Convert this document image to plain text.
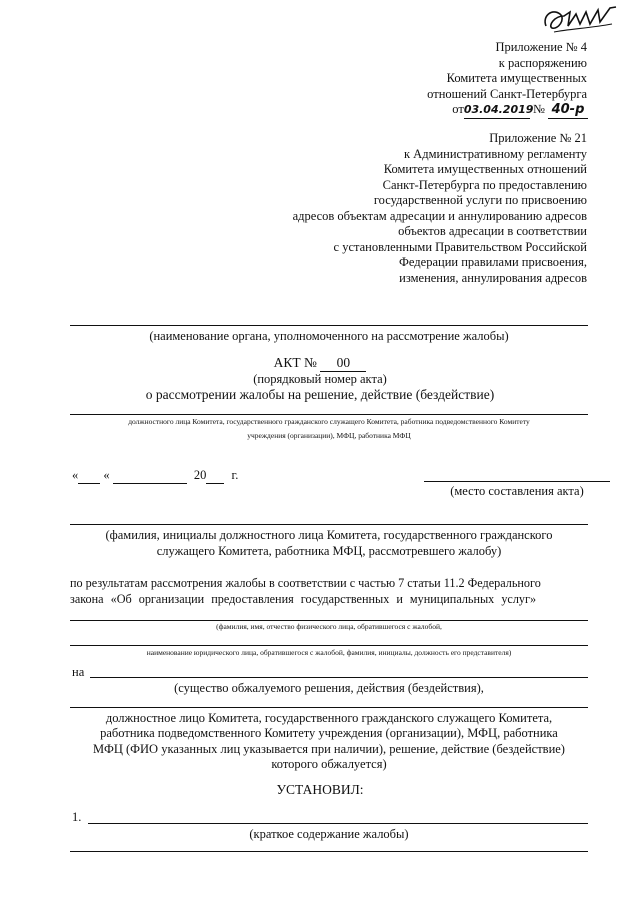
Приложение № 4
к распоряжению
Комитета имущественных
отношений Санкт-Петербурга
от03.04.2019 № 40-р
Приложение № 21
к Административному регламенту
Комитета имущественных отношений
Санкт-Петербурга по предоставлению
государственной услуги по присвоению
адресов объектам адресации и аннулированию адресов
объектов адресации в соответствии
с установленными Правительством Российской
Федерации правилами присвоения,
изменения, аннулирования адресов
(наименование органа, уполномоченного на рассмотрение жалобы)
АКТ № 00
(порядковый номер акта)
о рассмотрении жалобы на решение, действие (бездействие)
должностного лица Комитета, государственного гражданского служащего Комитета, работника подведомственного Комитету
учреждения (организации), МФЦ, работника МФЦ
« «	20 г.
(место составления акта)
(фамилия, инициалы должностного лица Комитета, государственного гражданского
служащего Комитета, работника МФЦ, рассмотревшего жалобу)
по результатам рассмотрения жалобы в соответствии с частью 7 статьи 11.2 Федерального
закона «Об организации предоставления государственных и муниципальных услуг»
(фамилия, имя, отчество физического лица, обратившегося с жалобой,
наименование юридического лица, обратившегося с жалобой, фамилия, инициалы, должность его представителя)
на
(существо обжалуемого решения, действия (бездействия),
должностное лицо Комитета, государственного гражданского служащего Комитета,
работника подведомственного Комитету учреждения (организации), МФЦ, работника
МФЦ (ФИО указанных лиц указывается при наличии), решение, действие (бездействие)
которого обжалуется)
УСТАНОВИЛ:
1.
(краткое содержание жалобы)
